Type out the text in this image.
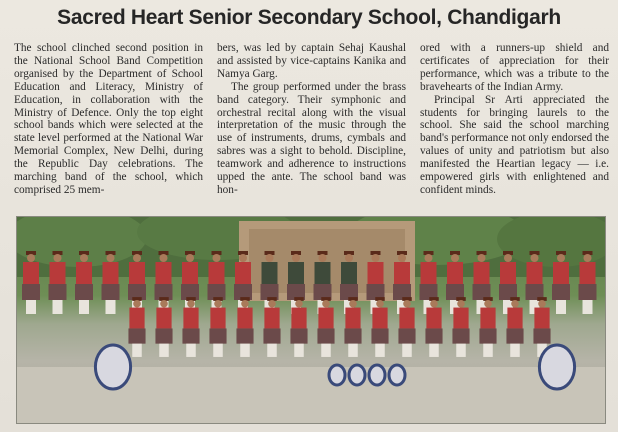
Sacred Heart Senior Secondary School, Chandigarh

The school clinched second position in the National School Band Competition organised by the Department of School Education and Literacy, Ministry of Education, in collaboration with the Ministry of Defence. Only the top eight school bands which were selected at the state level performed at the National War Memorial Complex, New Delhi, during the Republic Day celebrations. The marching band of the school, which comprised 25 mem-

bers, was led by captain Sehaj Kaushal and assisted by vice-captains Kanika and Namya Garg.

The group performed under the brass band category. Their symphonic and orchestral recital along with the visual interpretation of the music through the use of instruments, drums, cymbals and sabres was a sight to behold. Discipline, teamwork and adherence to instructions upped the ante. The school band was hon-

ored with a runners-up shield and certificates of appreciation for their performance, which was a tribute to the bravehearts of the Indian Army.

Principal Sr Arti appreciated the students for bringing laurels to the school. She said the school marching band's performance not only endorsed the values of unity and patriotism but also manifested the Heartian legacy — i.e. empowered girls with enlightened and confident minds.
